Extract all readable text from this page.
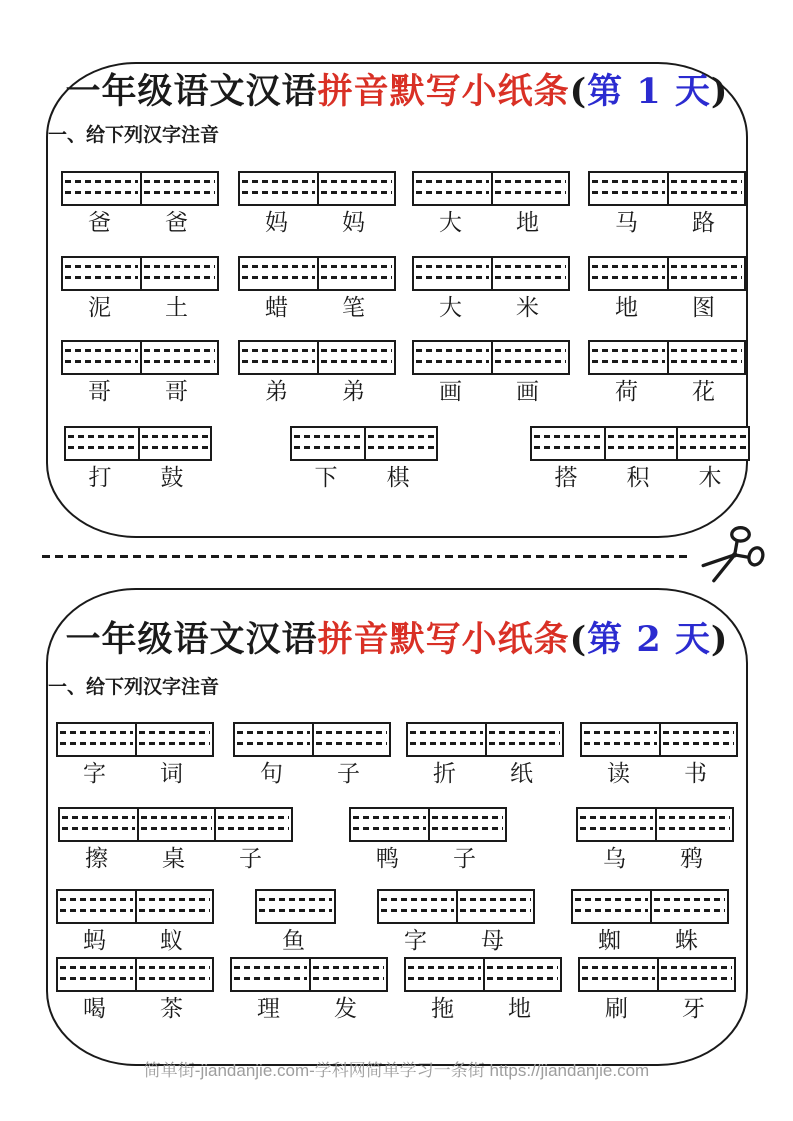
一年级语文汉语拼音默写小纸条(第 1 天)
一、给下列汉字注音
爸	爸	妈	妈	大	地	马	路
泥	土	蜡	笔	大	米	地	图
哥	哥	弟	弟	画	画	荷	花
打	鼓	下	棋	搭	积	木
一年级语文汉语拼音默写小纸条(第 2 天)
一、给下列汉字注音
字	词	句	子	折	纸	读	书
擦	桌	子	鸭	子	乌	鸦
蚂	蚁	鱼	字	母	蜘	蛛
喝	茶	理	发	拖	地	刷	牙
简单街-jiandanjie.com-学科网简单学习一条街 https://jiandanjie.com
